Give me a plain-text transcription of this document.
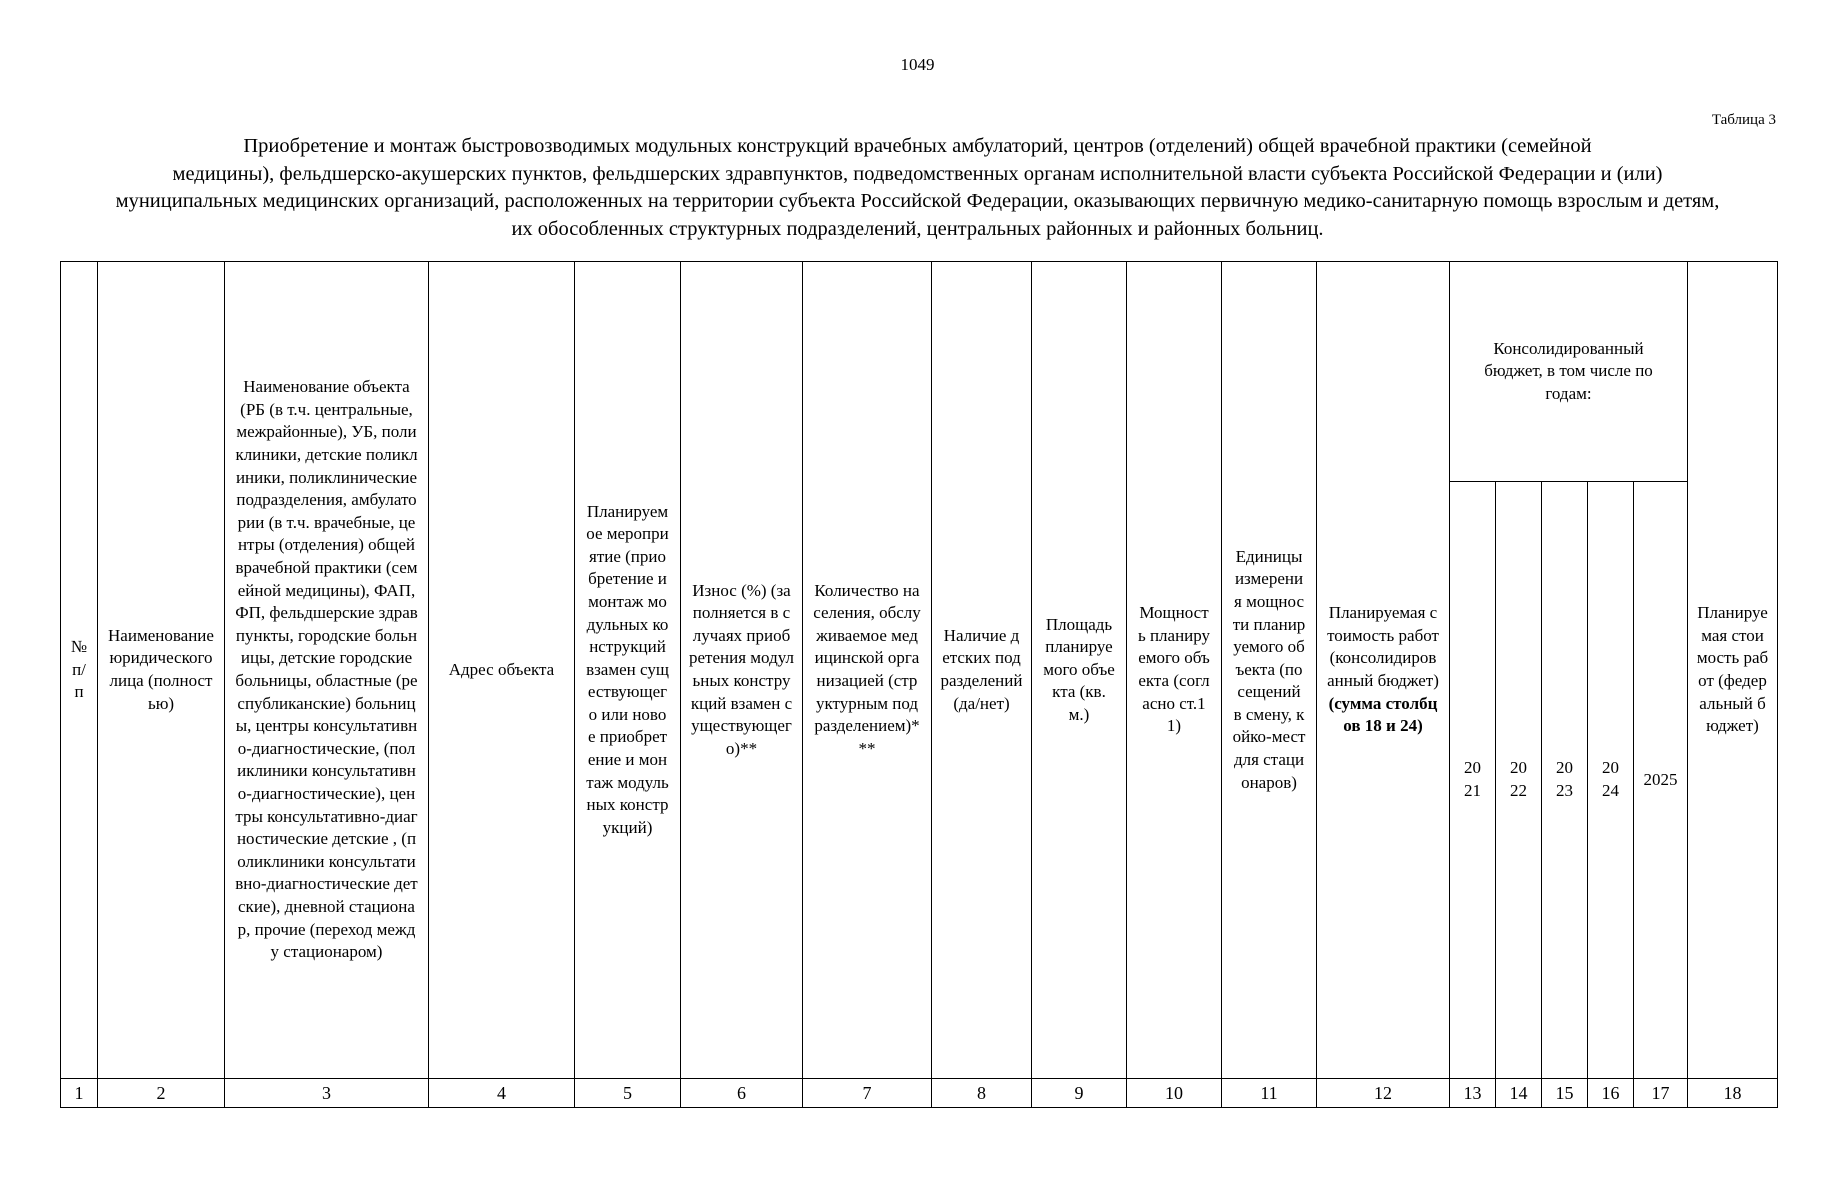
1049
Таблица 3
Приобретение и монтаж быстровозводимых модульных конструкций врачебных амбулаторий, центров (отделений) общей врачебной практики (семейной
медицины), фельдшерско-акушерских пунктов, фельдшерских здравпунктов, подведомственных органам исполнительной власти субъекта Российской Федерации и (или)
муниципальных медицинских организаций, расположенных на территории субъекта Российской Федерации, оказывающих первичную медико-санитарную помощь взрослым и детям,
их обособленных структурных подразделений, центральных районных и районных больниц.
№ п/п	Наименование юридического лица (полностью)	Наименование объекта (РБ (в т.ч. центральные, межрайонные), УБ, поликлиники, детские поликлиники, поликлинические подразделения, амбулатории (в т.ч. врачебные, центры (отделения) общей врачебной практики (семейной медицины), ФАП, ФП, фельдшерские здравпункты, городские больницы, детские городские больницы, областные (республиканские) больницы, центры консультативно-диагностические, (поликлиники консультативно-диагностические), центры консультативно-диагностические детские , (поликлиники консультативно-диагностические детские), дневной стационар, прочие (переход между стационаром)	Адрес объекта	Планируемое мероприятие (приобретение и монтаж модульных конструкций взамен существующего или новое приобретение и монтаж модульных конструкций)	Износ (%) (заполняется в случаях приобретения модульных конструкций взамен существующего)**	Количество населения, обслуживаемое медицинской организацией (структурным подразделением)***	Наличие детских подразделений (да/нет)	Площадь планируемого объекта (кв.м.)	Мощность планируемого объекта (согласно ст.11)	Единицы измерения мощности планируемого объекта (посещений в смену, койко-мест для стационаров)	Планируемая стоимость работ (консолидированный бюджет) (сумма столбцов 18 и 24)	Консолидированный бюджет, в том числе по годам:					Планируемая стоимость работ (федеральный бюджет)
												2021	2022	2023	2024	2025	
1	2	3	4	5	6	7	8	9	10	11	12	13	14	15	16	17	18
